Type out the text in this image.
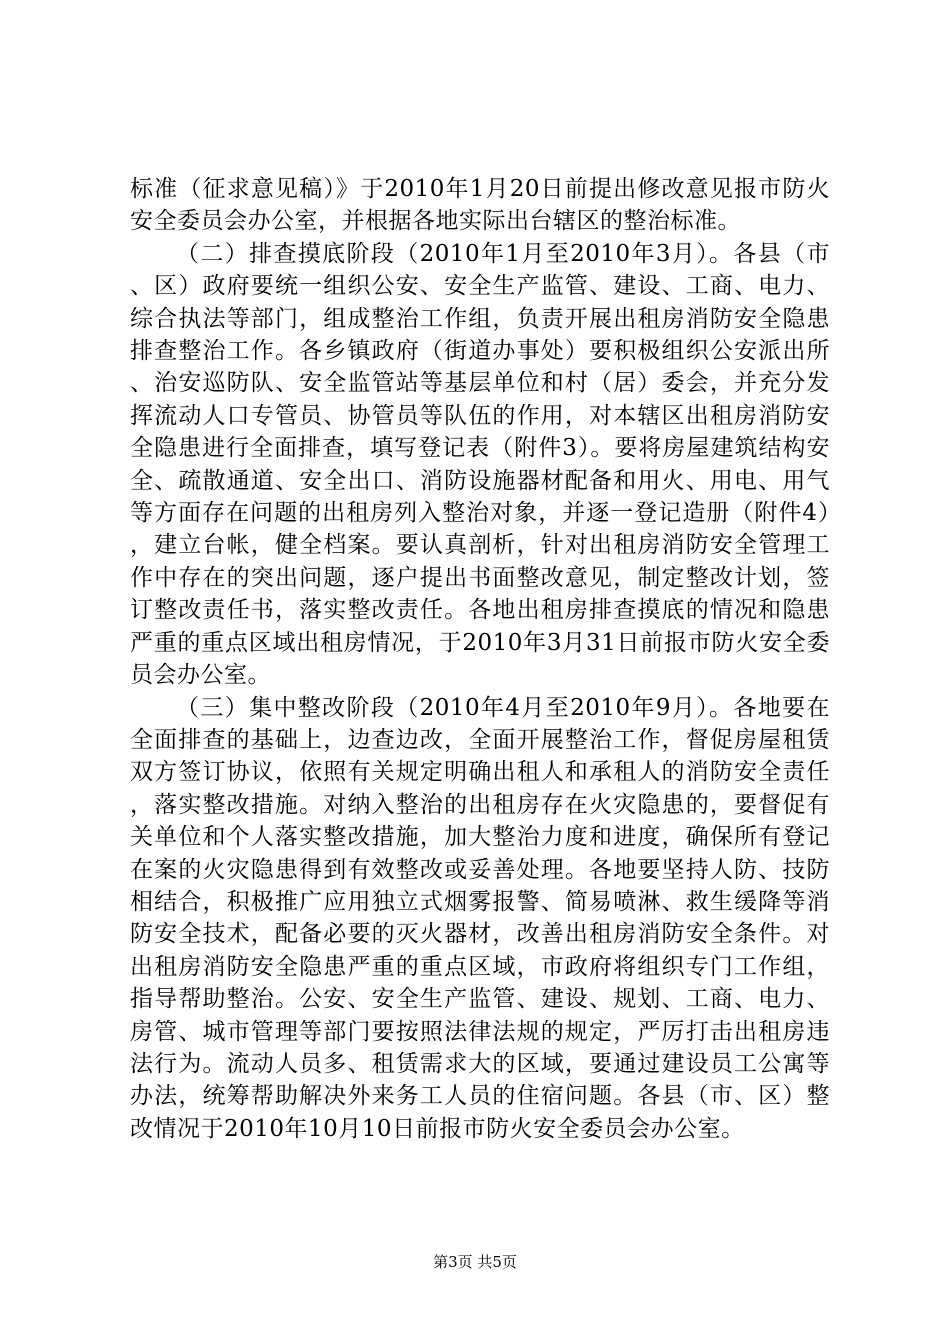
标准（征求意见稿）》于2010年1月20日前提出修改意见报市防火安全委员会办公室，并根据各地实际出台辖区的整治标准。

（二）排查摸底阶段（2010年1月至2010年3月）。各县（市、区）政府要统一组织公安、安全生产监管、建设、工商、电力、综合执法等部门，组成整治工作组，负责开展出租房消防安全隐患排查整治工作。各乡镇政府（街道办事处）要积极组织公安派出所、治安巡防队、安全监管站等基层单位和村（居）委会，并充分发挥流动人口专管员、协管员等队伍的作用，对本辖区出租房消防安全隐患进行全面排查，填写登记表（附件3）。要将房屋建筑结构安全、疏散通道、安全出口、消防设施器材配备和用火、用电、用气等方面存在问题的出租房列入整治对象，并逐一登记造册（附件4），建立台帐，健全档案。要认真剖析，针对出租房消防安全管理工作中存在的突出问题，逐户提出书面整改意见，制定整改计划，签订整改责任书，落实整改责任。各地出租房排查摸底的情况和隐患严重的重点区域出租房情况，于2010年3月31日前报市防火安全委员会办公室。

（三）集中整改阶段（2010年4月至2010年9月）。各地要在全面排查的基础上，边查边改，全面开展整治工作，督促房屋租赁双方签订协议，依照有关规定明确出租人和承租人的消防安全责任，落实整改措施。对纳入整治的出租房存在火灾隐患的，要督促有关单位和个人落实整改措施，加大整治力度和进度，确保所有登记在案的火灾隐患得到有效整改或妥善处理。各地要坚持人防、技防相结合，积极推广应用独立式烟雾报警、简易喷淋、救生缓降等消防安全技术，配备必要的灭火器材，改善出租房消防安全条件。对出租房消防安全隐患严重的重点区域，市政府将组织专门工作组，指导帮助整治。公安、安全生产监管、建设、规划、工商、电力、房管、城市管理等部门要按照法律法规的规定，严厉打击出租房违法行为。流动人员多、租赁需求大的区域，要通过建设员工公寓等办法，统筹帮助解决外来务工人员的住宿问题。各县（市、区）整改情况于2010年10月10日前报市防火安全委员会办公室。

第3页 共5页
